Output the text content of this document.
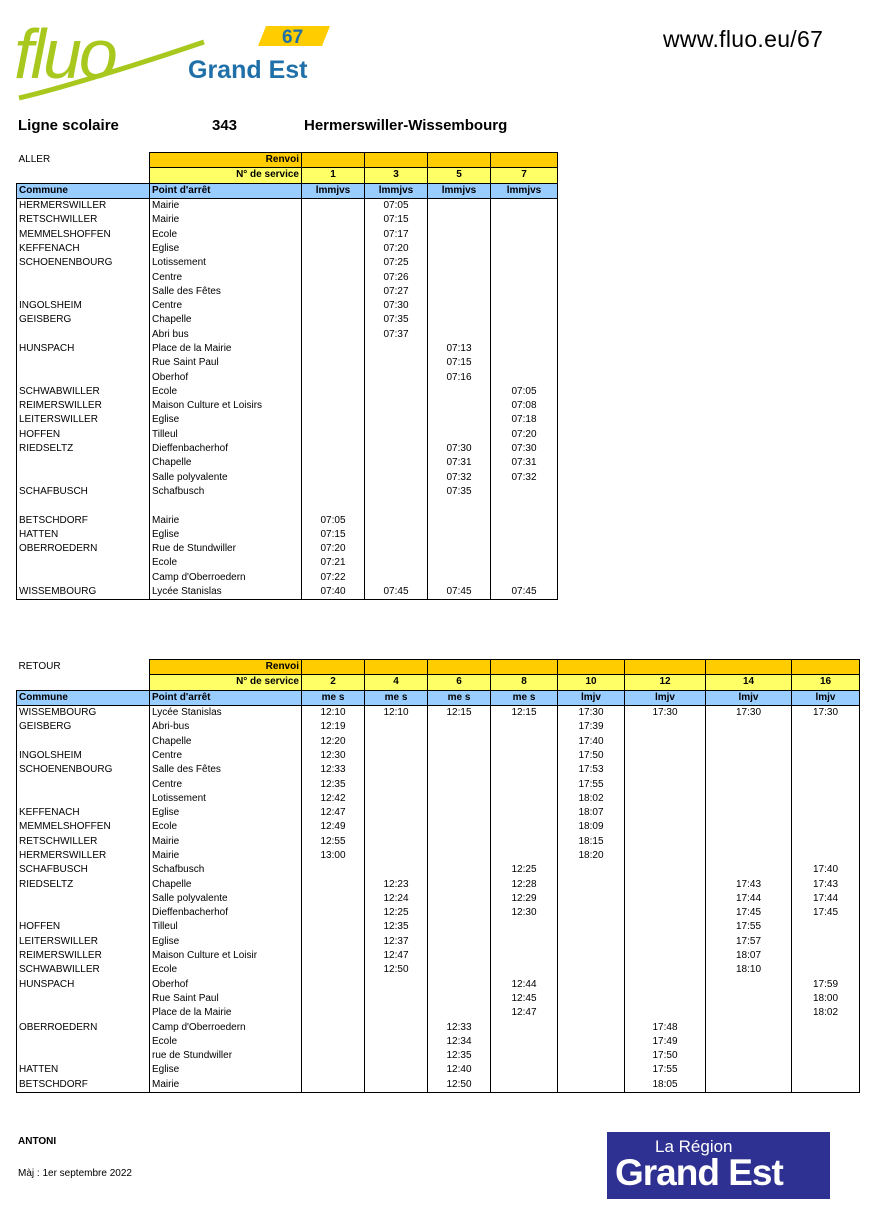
fluo	67
Grand Est
www.fluo.eu/67
Ligne scolaire	343	Hermerswiller-Wissembourg
ALLER	Renvoi				
	N° de service	1	3	5	7
Commune	Point d'arrêt	lmmjvs	lmmjvs	lmmjvs	lmmjvs
HERMERSWILLER	Mairie		07:05		
RETSCHWILLER	Mairie		07:15		
MEMMELSHOFFEN	Ecole		07:17		
KEFFENACH	Eglise		07:20		
SCHOENENBOURG	Lotissement		07:25		
	Centre		07:26		
	Salle des Fêtes		07:27		
INGOLSHEIM	Centre		07:30		
GEISBERG	Chapelle		07:35		
	Abri bus		07:37		
HUNSPACH	Place de la Mairie			07:13	
	Rue Saint Paul			07:15	
	Oberhof			07:16	
SCHWABWILLER	Ecole				07:05
REIMERSWILLER	Maison Culture et Loisirs				07:08
LEITERSWILLER	Eglise				07:18
HOFFEN	Tilleul				07:20
RIEDSELTZ	Dieffenbacherhof			07:30	07:30
	Chapelle			07:31	07:31
	Salle polyvalente			07:32	07:32
SCHAFBUSCH	Schafbusch			07:35	

BETSCHDORF	Mairie	07:05			
HATTEN	Eglise	07:15			
OBERROEDERN	Rue de Stundwiller	07:20			
	Ecole	07:21			
	Camp d'Oberroedern	07:22			
WISSEMBOURG	Lycée Stanislas	07:40	07:45	07:45	07:45
RETOUR	Renvoi								
	N° de service	2	4	6	8	10	12	14	16
Commune	Point d'arrêt	me s	me s	me s	me s	lmjv	lmjv	lmjv	lmjv
WISSEMBOURG	Lycée Stanislas	12:10	12:10	12:15	12:15	17:30	17:30	17:30	17:30
GEISBERG	Abri-bus	12:19				17:39			
	Chapelle	12:20				17:40			
INGOLSHEIM	Centre	12:30				17:50			
SCHOENENBOURG	Salle des Fêtes	12:33				17:53			
	Centre	12:35				17:55			
	Lotissement	12:42				18:02			
KEFFENACH	Eglise	12:47				18:07			
MEMMELSHOFFEN	Ecole	12:49				18:09			
RETSCHWILLER	Mairie	12:55				18:15			
HERMERSWILLER	Mairie	13:00				18:20			
SCHAFBUSCH	Schafbusch				12:25				17:40
RIEDSELTZ	Chapelle		12:23		12:28			17:43	17:43
	Salle polyvalente		12:24		12:29			17:44	17:44
	Dieffenbacherhof		12:25		12:30			17:45	17:45
HOFFEN	Tilleul		12:35					17:55	
LEITERSWILLER	Eglise		12:37					17:57	
REIMERSWILLER	Maison Culture et Loisir		12:47					18:07	
SCHWABWILLER	Ecole		12:50					18:10	
HUNSPACH	Oberhof				12:44				17:59
	Rue Saint Paul				12:45				18:00
	Place de la Mairie				12:47				18:02
OBERROEDERN	Camp d'Oberroedern			12:33			17:48		
	Ecole			12:34			17:49		
	rue de Stundwiller			12:35			17:50		
HATTEN	Eglise			12:40			17:55		
BETSCHDORF	Mairie			12:50			18:05		
ANTONI
Màj : 1er septembre 2022
La Région
Grand Est
